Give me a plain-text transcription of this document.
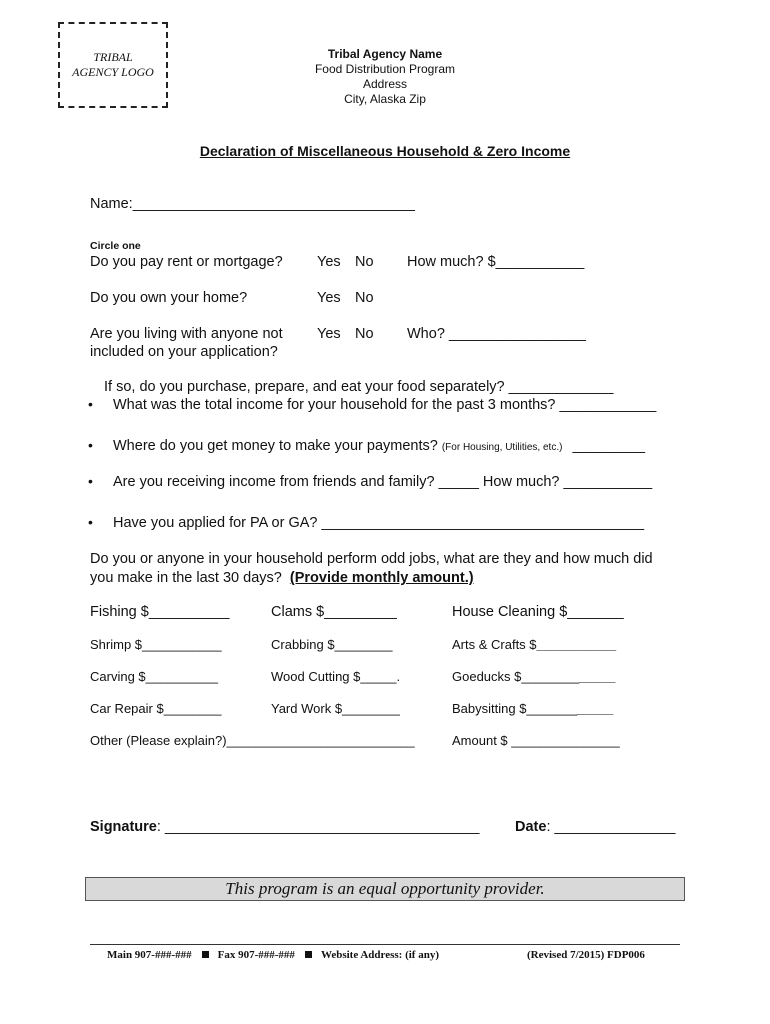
TRIBAL
AGENCY LOGO
Tribal Agency Name
Food Distribution Program
Address
City, Alaska Zip
Declaration of Miscellaneous Household & Zero Income
Name:___________________________________
Circle one
Do you pay rent or mortgage? Yes No How much? $___________
Do you own your home?	Yes No
Are you living with anyone not
included on your application?
Yes No Who? _________________
If so, do you purchase, prepare, and eat your food separately? _____________
• What was the total income for your household for the past 3 months? ____________
• Where do you get money to make your payments? (For Housing, Utilities, etc.) _________
• Are you receiving income from friends and family? _____ How much? ___________
• Have you applied for PA or GA? ________________________________________
Do you or anyone in your household perform odd jobs, what are they and how much did
you make in the last 30 days? (Provide monthly amount.)
Fishing $__________	Clams $_________	House Cleaning $_______
Shrimp $___________	Crabbing $________	Arts & Crafts $___________
Carving $__________	Wood Cutting $_____.	Goeducks $_____________
Car Repair $________	Yard Work $________	Babysitting $____________
Other (Please explain?)__________________________	Amount $ _______________
Signature: _______________________________________ Date: _______________
This program is an equal opportunity provider.
Main 907-###-### Fax 907-###-### Website Address: (if any)	(Revised 7/2015) FDP006
